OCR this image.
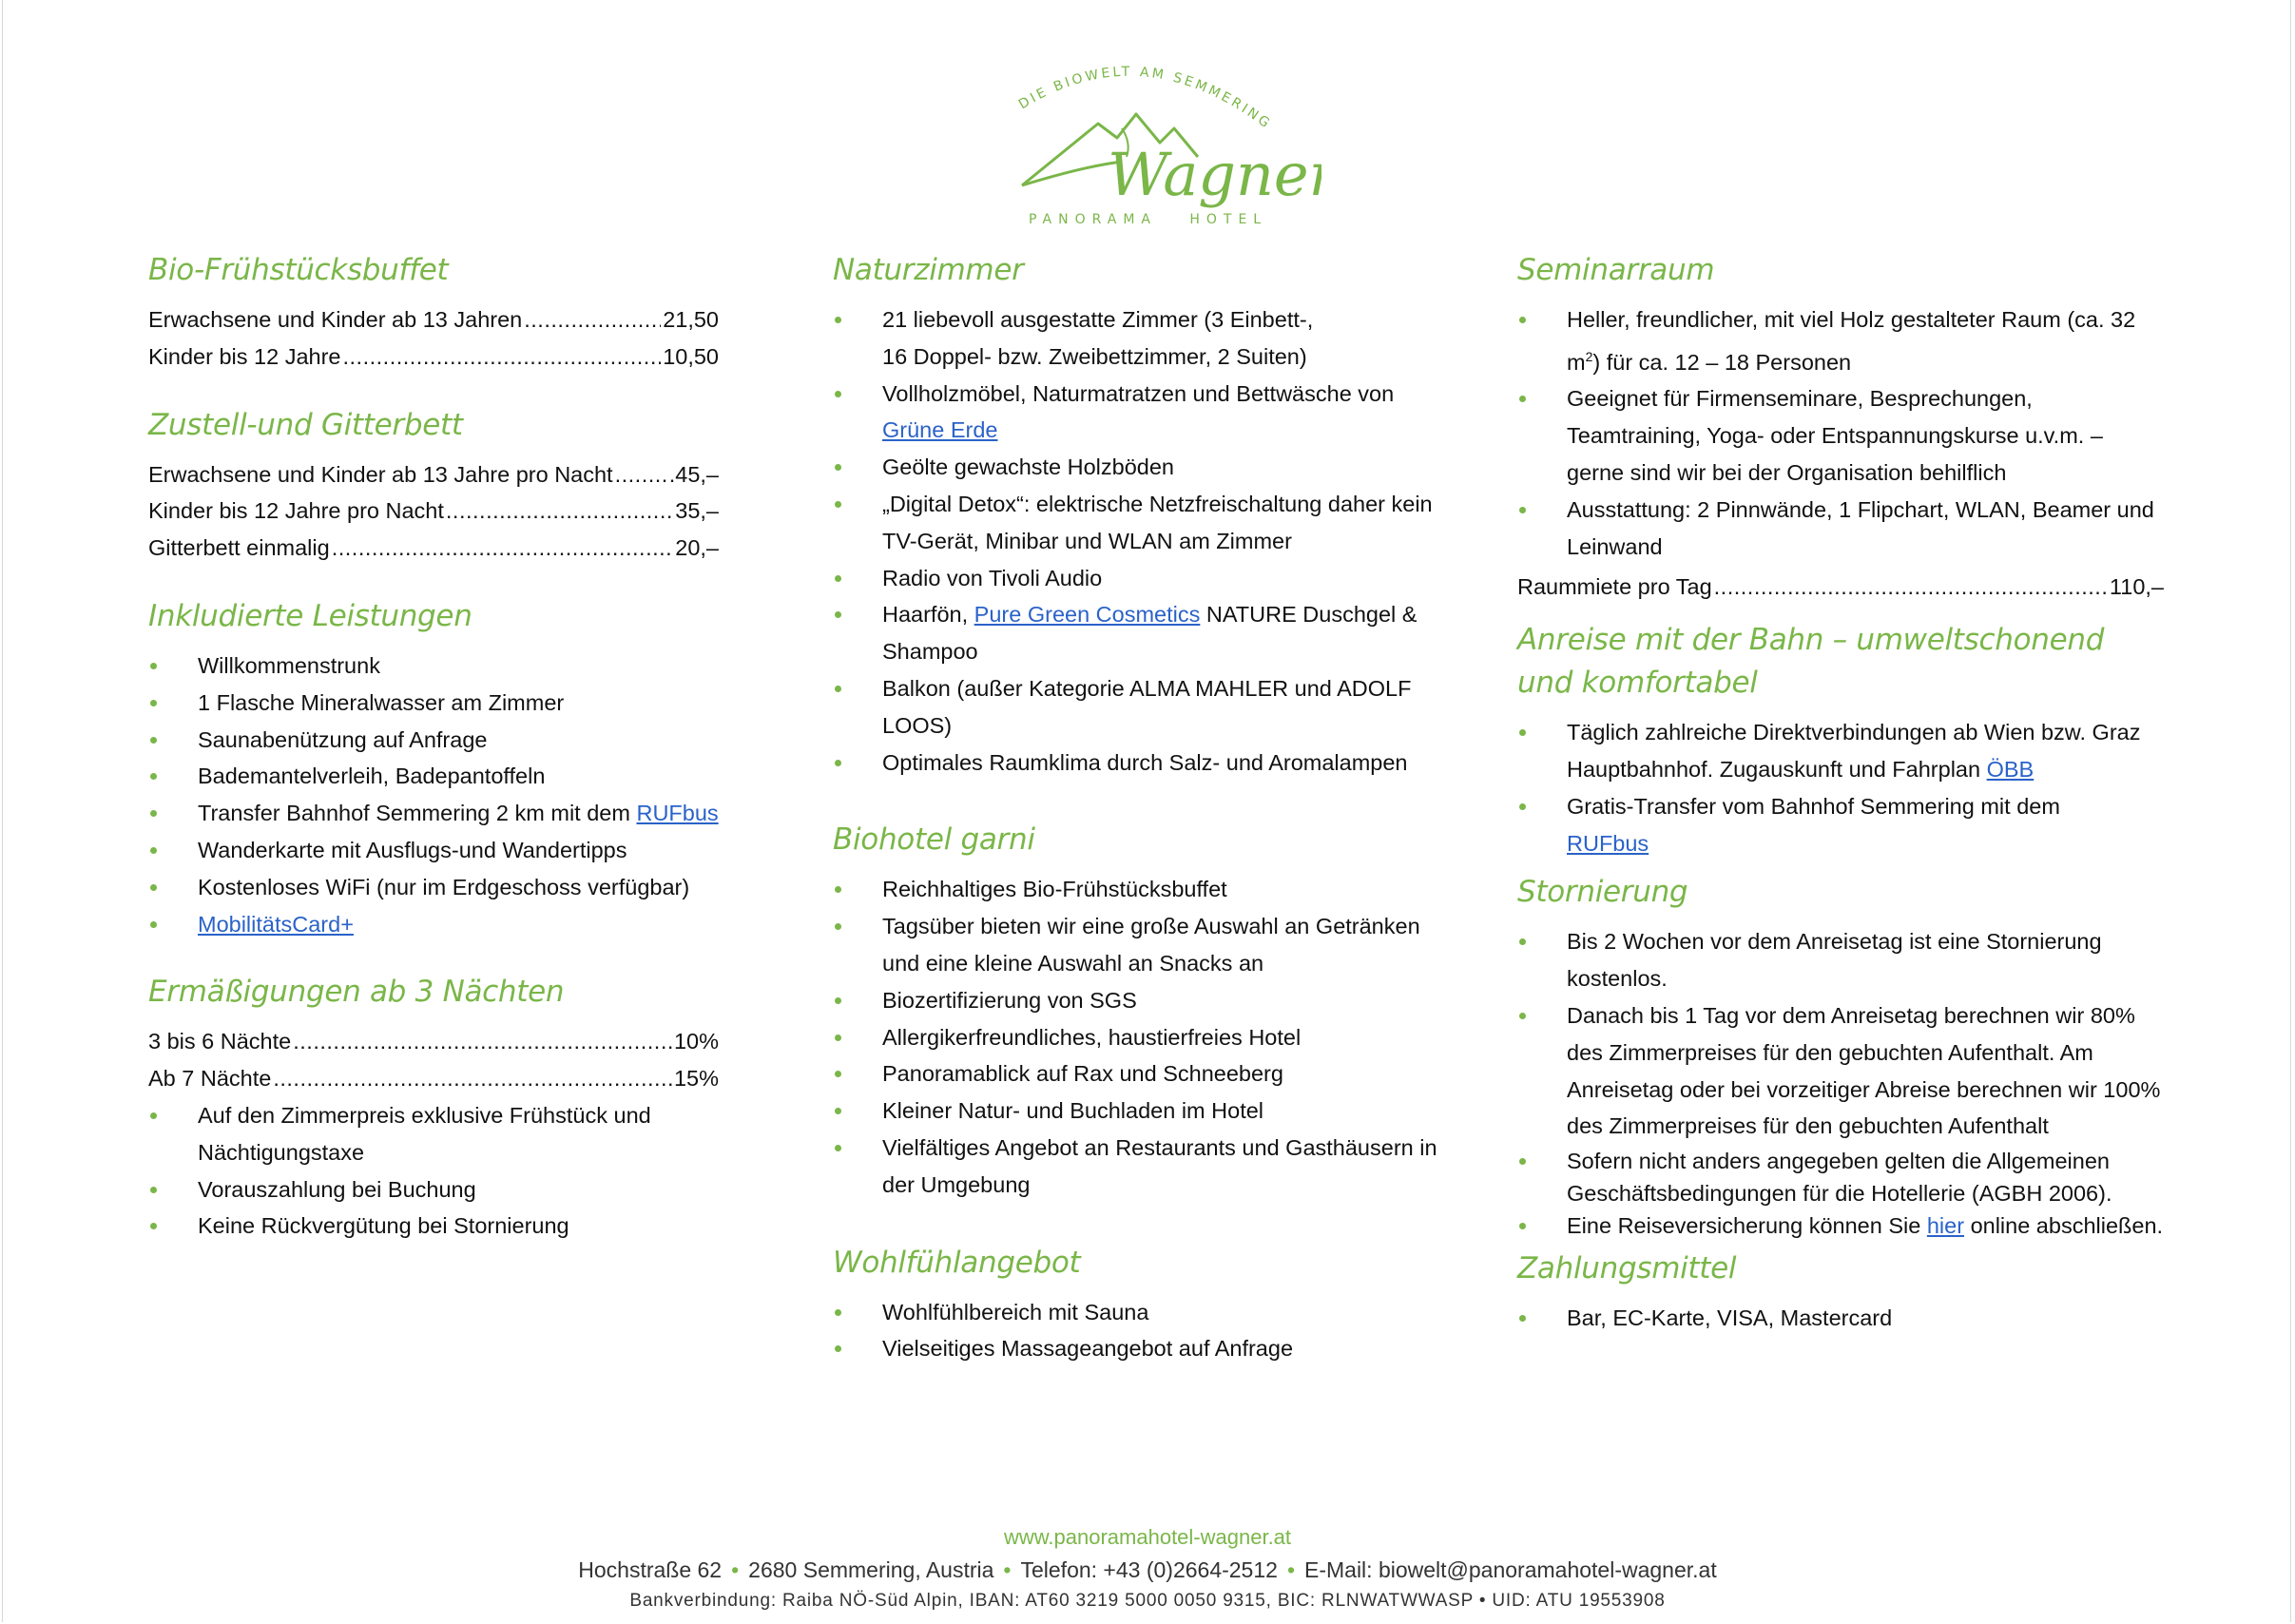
DIE BIOWELT AM SEMMERING
Wagner
PANORAMA   HOTEL
Bio-Frühstücksbuffet
Erwachsene und Kinder ab 13 Jahren .....	21,50
Kinder bis 12 Jahre .....	10,50
Zustell-und Gitterbett
Erwachsene und Kinder ab 13 Jahre pro Nacht .....	.45,–
Kinder bis 12 Jahre pro Nacht .....	35,–
Gitterbett einmalig .....	20,–
Inkludierte Leistungen
Willkommenstrunk
1 Flasche Mineralwasser am Zimmer
Saunabenützung auf Anfrage
Bademantelverleih, Badepantoffeln
Transfer Bahnhof Semmering 2 km mit dem RUFbus
Wanderkarte mit Ausflugs-und Wandertipps
Kostenloses WiFi (nur im Erdgeschoss verfügbar)
MobilitätsCard+
Ermäßigungen ab 3 Nächten
3 bis 6 Nächte .....	10%
Ab 7 Nächte .....	15%
Auf den Zimmerpreis exklusive Frühstück und Nächtigungstaxe
Vorauszahlung bei Buchung
Keine Rückvergütung bei Stornierung
Naturzimmer
21 liebevoll ausgestatte Zimmer (3 Einbett-,
16 Doppel- bzw. Zweibettzimmer, 2 Suiten)
Vollholzmöbel, Naturmatratzen und Bettwäsche von
Grüne Erde
Geölte gewachste Holzböden
„Digital Detox“: elektrische Netzfreischaltung daher kein TV-Gerät, Minibar und WLAN am Zimmer
Radio von Tivoli Audio
Haarfön, Pure Green Cosmetics NATURE Duschgel & Shampoo
Balkon (außer Kategorie ALMA MAHLER und ADOLF LOOS)
Optimales Raumklima durch Salz- und Aromalampen
Biohotel garni
Reichhaltiges Bio-Frühstücksbuffet
Tagsüber bieten wir eine große Auswahl an Getränken und eine kleine Auswahl an Snacks an
Biozertifizierung von SGS
Allergikerfreundliches, haustierfreies Hotel
Panoramablick auf Rax und Schneeberg
Kleiner Natur- und Buchladen im Hotel
Vielfältiges Angebot an Restaurants und Gasthäusern in der Umgebung
Wohlfühlangebot
Wohlfühlbereich mit Sauna
Vielseitiges Massageangebot auf Anfrage
Seminarraum
Heller, freundlicher, mit viel Holz gestalteter Raum (ca. 32
$m^2$) für ca. 12 – 18 Personen
Geeignet für Firmenseminare, Besprechungen, Teamtraining, Yoga- oder Entspannungskurse u.v.m. – gerne sind wir bei der Organisation behilflich
Ausstattung: 2 Pinnwände, 1 Flipchart, WLAN, Beamer und Leinwand
Raummiete pro Tag .....	110,–
Anreise mit der Bahn – umweltschonend und komfortabel
Täglich zahlreiche Direktverbindungen ab Wien bzw. Graz Hauptbahnhof. Zugauskunft und Fahrplan ÖBB
Gratis-Transfer vom Bahnhof Semmering mit dem
RUFbus
Stornierung
Bis 2 Wochen vor dem Anreisetag ist eine Stornierung kostenlos.
Danach bis 1 Tag vor dem Anreisetag berechnen wir 80% des Zimmerpreises für den gebuchten Aufenthalt. Am Anreisetag oder bei vorzeitiger Abreise berechnen wir 100% des Zimmerpreises für den gebuchten Aufenthalt
Sofern nicht anders angegeben gelten die Allgemeinen Geschäftsbedingungen für die Hotellerie (AGBH 2006).
Eine Reiseversicherung können Sie hier online abschließen.
Zahlungsmittel
Bar, EC-Karte, VISA, Mastercard
www.panoramahotel-wagner.at
Hochstraße 62 • 2680 Semmering, Austria • Telefon: +43 (0)2664-2512 • E-Mail: biowelt@panoramahotel-wagner.at
Bankverbindung: Raiba NÖ-Süd Alpin, IBAN: AT60 3219 5000 0050 9315, BIC: RLNWATWWASP • UID: ATU 19553908
